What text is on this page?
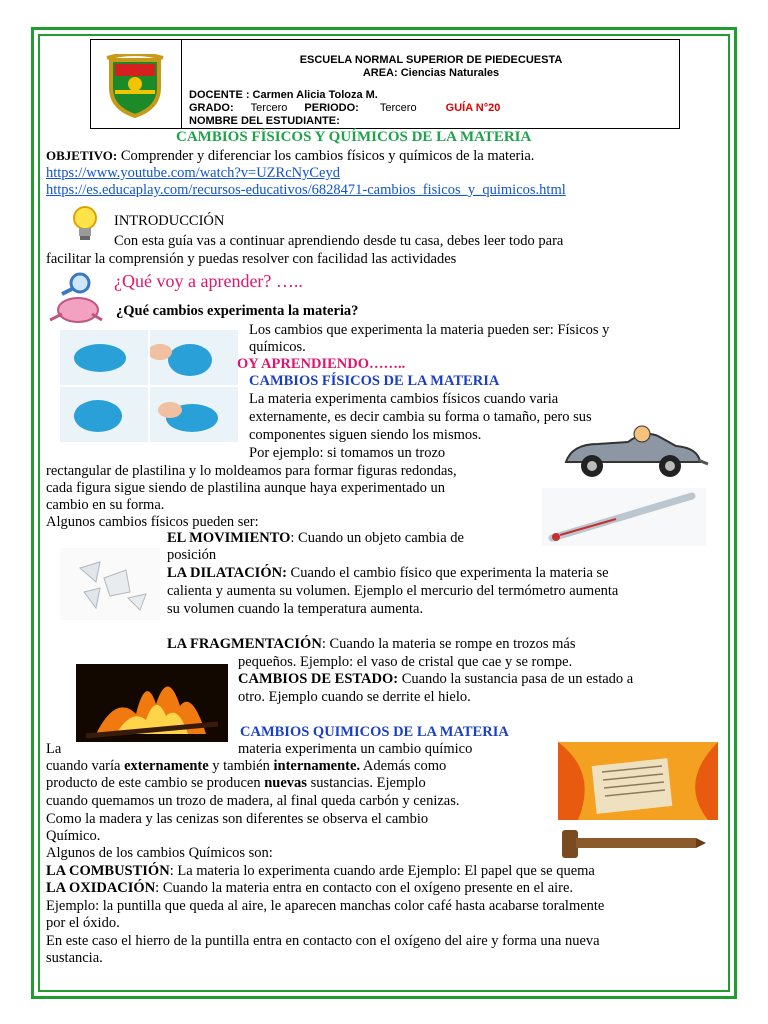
ESCUELA NORMAL SUPERIOR DE PIEDECUESTA
AREA: Ciencias Naturales
DOCENTE : Carmen Alicia Toloza M.
GRADO: Tercero PERIODO: Tercero	GUÍA N°20
NOMBRE DEL ESTUDIANTE:
CAMBIOS FÍSICOS Y QUÍMICOS DE LA MATERIA
OBJETIVO: Comprender y diferenciar los cambios físicos y químicos de la materia.
https://www.youtube.com/watch?v=UZRcNyCeyd
https://es.educaplay.com/recursos-educativos/6828471-cambios_fisicos_y_quimicos.html
INTRODUCCIÓN
Con esta guía vas a continuar aprendiendo desde tu casa, debes leer todo para
facilitar la comprensión y puedas resolver con facilidad las actividades
¿Qué voy a aprender? …..
¿Qué cambios experimenta la materia?
Los cambios que experimenta la materia pueden ser: Físicos y
químicos.
OY APRENDIENDO……..
CAMBIOS FÍSICOS DE LA MATERIA
La materia experimenta cambios físicos cuando varia
externamente, es decir cambia su forma o tamaño, pero sus
componentes siguen siendo los mismos.
Por ejemplo: si tomamos un trozo
rectangular de plastilina y lo moldeamos para formar figuras redondas,
cada figura sigue siendo de plastilina aunque haya experimentado un
cambio en su forma.
Algunos cambios físicos pueden ser:
EL MOVIMIENTO: Cuando un objeto cambia de
posición
LA DILATACIÓN: Cuando el cambio físico que experimenta la materia se
calienta y aumenta su volumen. Ejemplo el mercurio del termómetro aumenta
su volumen cuando la temperatura aumenta.
LA FRAGMENTACIÓN: Cuando la materia se rompe en trozos más
pequeños. Ejemplo: el vaso de cristal que cae y se rompe.
CAMBIOS DE ESTADO: Cuando la sustancia pasa de un estado a
otro. Ejemplo cuando se derrite el hielo.
CAMBIOS QUIMICOS DE LA MATERIA
La	materia experimenta un cambio químico
cuando varía externamente y también internamente. Además como
producto de este cambio se producen nuevas sustancias. Ejemplo
cuando quemamos un trozo de madera, al final queda carbón y cenizas.
Como la madera y las cenizas son diferentes se observa el cambio
Químico.
Algunos de los cambios Químicos son:
LA COMBUSTIÓN: La materia lo experimenta cuando arde Ejemplo: El papel que se quema
LA OXIDACIÓN: Cuando la materia entra en contacto con el oxígeno presente en el aire.
Ejemplo: la puntilla que queda al aire, le aparecen manchas color café hasta acabarse toralmente
por el óxido.
En este caso el hierro de la puntilla entra en contacto con el oxígeno del aire y forma una nueva
sustancia.
